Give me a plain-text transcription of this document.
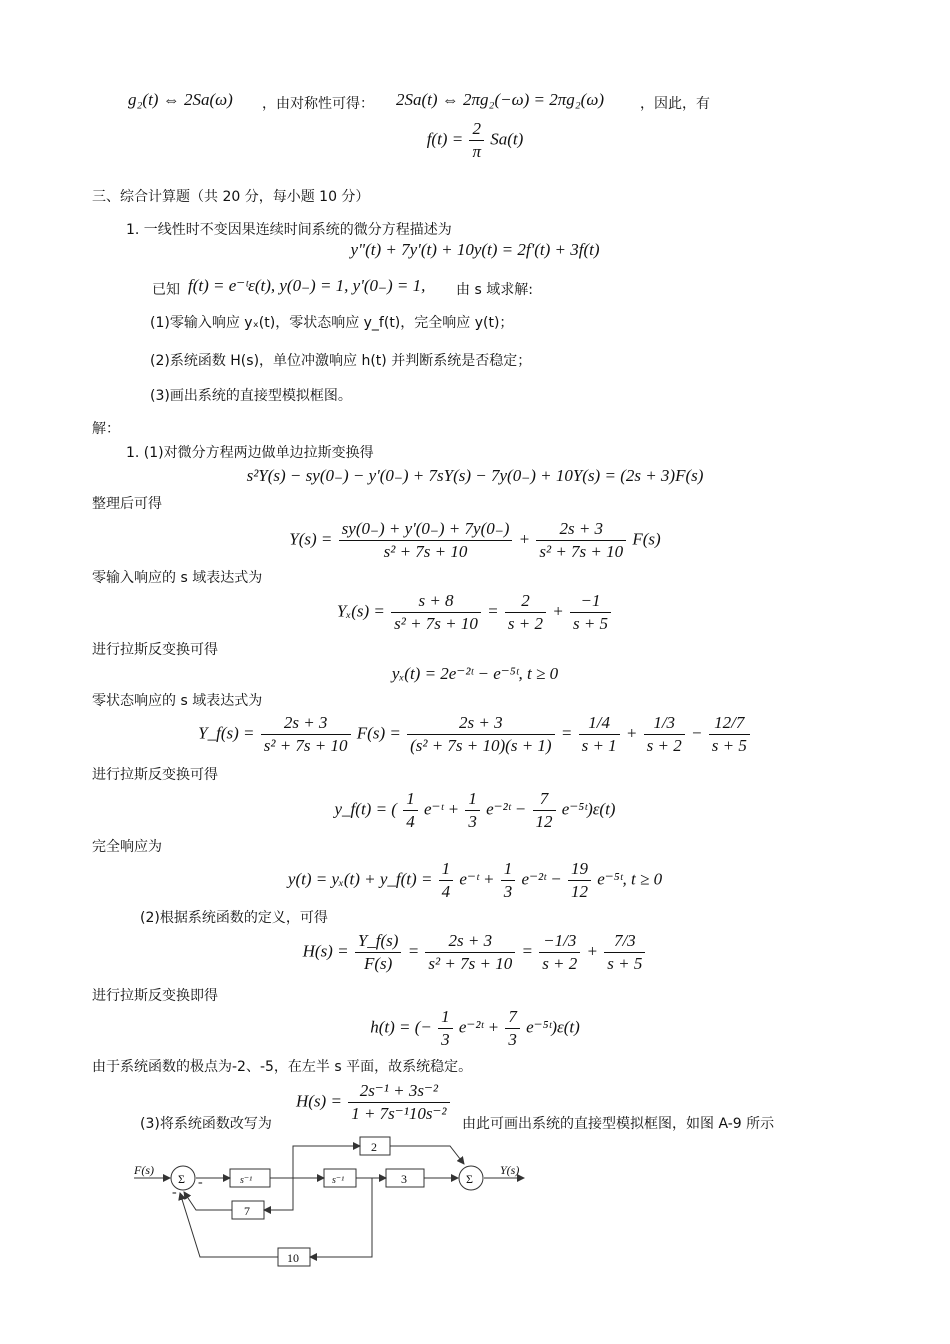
g₂(t) ⇔ 2Sa(ω) ，由对称性可得： 2Sa(t) ⇔ 2πg₂(−ω) = 2πg₂(ω)	，因此，有
$f(t) = \frac{2}{\pi} Sa(t)$
三、综合计算题（共 20 分，每小题 10 分）
1. 一线性时不变因果连续时间系统的微分方程描述为
y"(t) + 7y'(t) + 10y(t) = 2f'(t) + 3f(t)
已知 f(t) = e⁻ᵗε(t), y(0₋) = 1, y'(0₋) = 1, 由 s 域求解:
(1)零输入响应 yₓ(t)，零状态响应 y_f(t)，完全响应 y(t)；
(2)系统函数 H(s)，单位冲激响应 h(t) 并判断系统是否稳定；
(3)画出系统的直接型模拟框图。
解：
1. (1)对微分方程两边做单边拉斯变换得
s²Y(s) − sy(0₋) − y'(0₋) + 7sY(s) − 7y(0₋) + 10Y(s) = (2s + 3)F(s)
整理后可得
$Y(s) = \frac{sy(0_-) + y'(0_-) + 7y(0_-)}{\text{s² + 7s + 10}} + \frac{2s + 3}{\text{s² + 7s + 10}} F(s)$
零输入响应的 s 域表达式为
$Y_x(s) = \frac{s + 8}{\text{s² + 7s + 10}} = \frac{2}{s + 2} + \frac{-1}{s + 5}$
进行拉斯反变换可得
yₓ(t) = 2e⁻²ᵗ − e⁻⁵ᵗ, t ≥ 0
零状态响应的 s 域表达式为
Y_f(s) = $\frac{2s + 3}{\text{s² + 7s + 10}} F(s) = \frac{2s + 3}{\text{(s² + 7s + 10)(s + 1)}} = \frac{1/4}{s + 1} + \frac{1/3}{s + 2} - \frac{12/7}{s + 5}$
进行拉斯反变换可得
y_f(t) = ( $\frac{1}{4}$ e⁻ᵗ + $\frac{1}{3}$ e⁻²ᵗ − $\frac{7}{12}$ e⁻⁵ᵗ)ε(t)
完全响应为
y(t) = yₓ(t) + y_f(t) = $\frac{1}{4}$ e⁻ᵗ + $\frac{1}{3}$ e⁻²ᵗ − $\frac{19}{12}$ e⁻⁵ᵗ, t ≥ 0
(2)根据系统函数的定义，可得
$H(s) = \frac{Y\_f(s)}{F(s)} = \frac{2s + 3}{\text{s² + 7s + 10}} = \frac{-1/3}{s + 2} + \frac{7/3}{s + 5}$
进行拉斯反变换即得
h(t) = (− $\frac{1}{3}$ e⁻²ᵗ + $\frac{7}{3}$ e⁻⁵ᵗ)ε(t)
由于系统函数的极点为-2、-5，在左半 s 平面，故系统稳定。
$H(s) = \frac{\text{2s⁻¹ + 3s⁻²}}{\text{1 + 7s⁻¹10s⁻²}}$
(3)将系统函数改写为	由此可画出系统的直接型模拟框图，如图 A-9 所示
F(s)	Y(s)
Σ	Σ
s⁻¹	s⁻¹	3
2
7
10
-
-
